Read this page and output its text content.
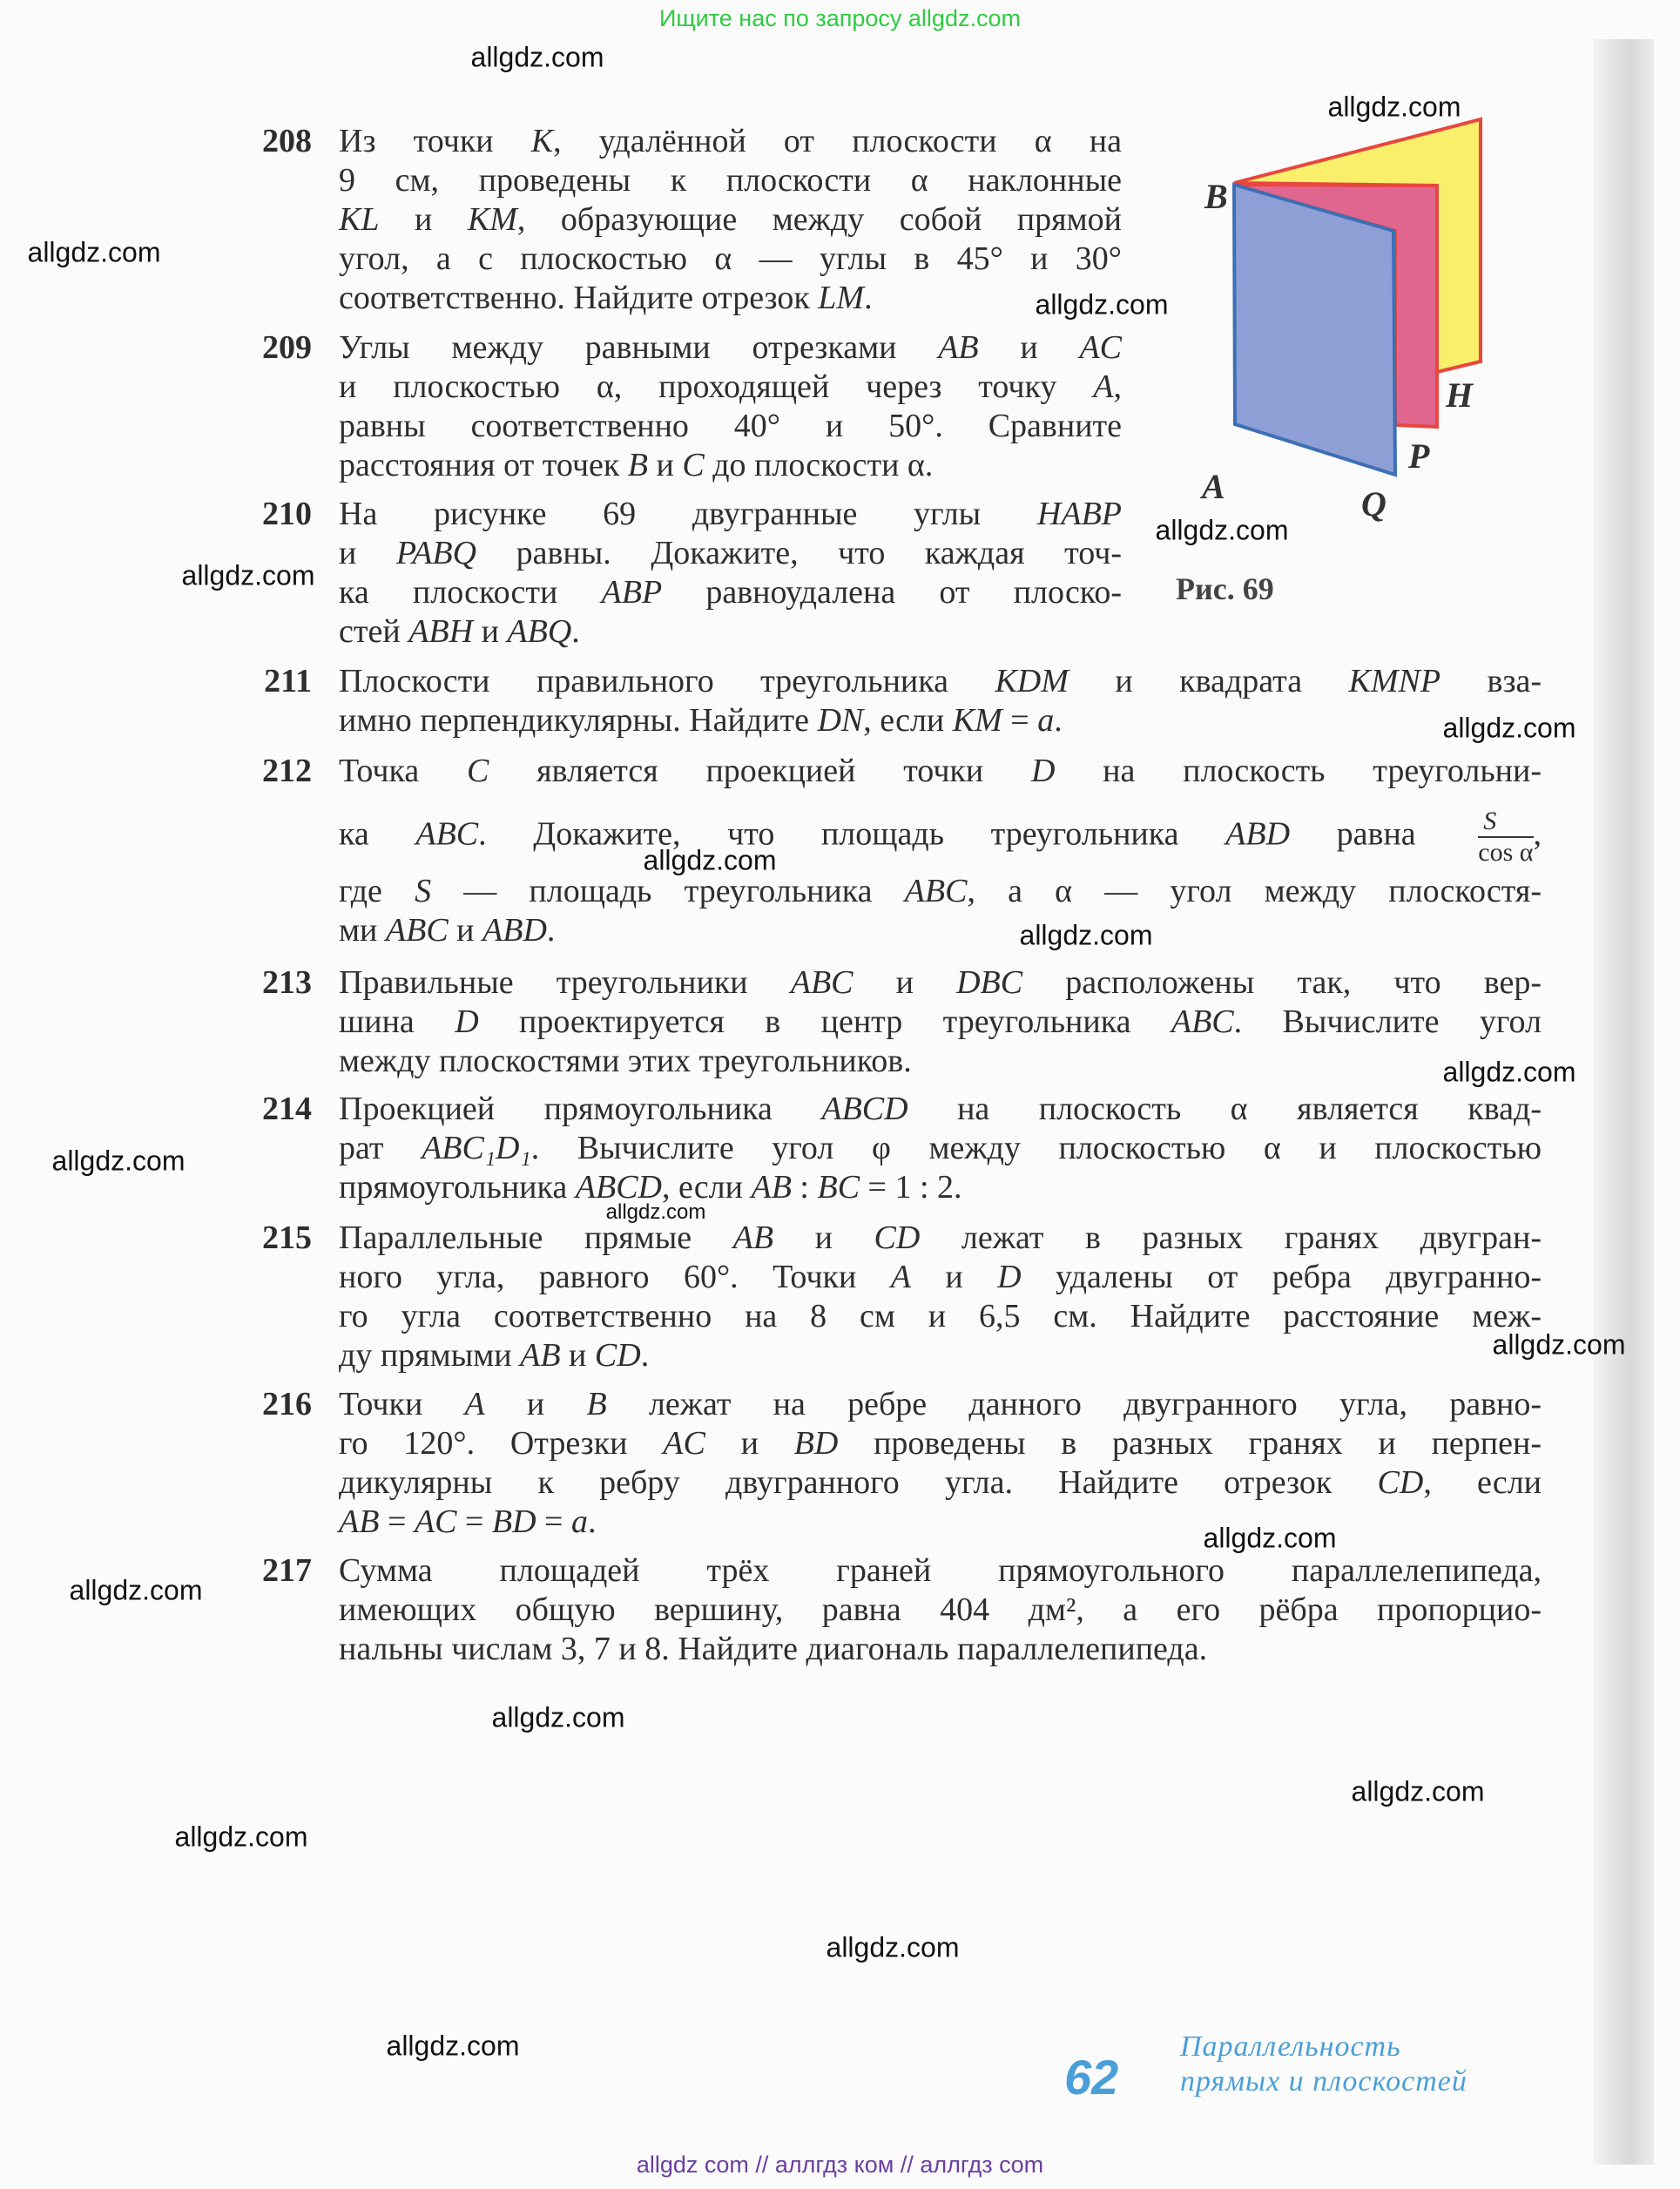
Ищите нас по запросу allgdz.com
B
A
H
P
Q
Рис. 69
208 Из точки K, удалённой от плоскости α на
9 см, проведены к плоскости α наклонные
KL и KM, образующие между собой прямой
угол, а с плоскостью α — углы в 45° и 30°
соответственно. Найдите отрезок LM.
209 Углы между равными отрезками AB и AC
и плоскостью α, проходящей через точку A,
равны соответственно 40° и 50°. Сравните
расстояния от точек B и C до плоскости α.
210 На рисунке 69 двугранные углы HABP
и PABQ равны. Докажите, что каждая точ-
ка плоскости ABP равноудалена от плоско-
стей ABH и ABQ.
211 Плоскости правильного треугольника KDM и квадрата KMNP вза-
имно перпендикулярны. Найдите DN, если KM = a.
212 Точка C является проекцией точки D на плоскость треугольни-
ка ABC. Докажите, что площадь треугольника ABD равна $\frac{S}{\text{cos α}}$ ,
где S — площадь треугольника ABC, а α — угол между плоскостя-
ми ABC и ABD.
213 Правильные треугольники ABC и DBC расположены так, что вер-
шина D проектируется в центр треугольника ABC. Вычислите угол
между плоскостями этих треугольников.
214 Проекцией прямоугольника ABCD на плоскость α является квад-
рат ABC₁D₁. Вычислите угол φ между плоскостью α и плоскостью
прямоугольника ABCD, если AB : BC = 1 : 2.
215 Параллельные прямые AB и CD лежат в разных гранях двугран-
ного угла, равного 60°. Точки A и D удалены от ребра двугранно-
го угла соответственно на 8 см и 6,5 см. Найдите расстояние меж-
ду прямыми AB и CD.
216 Точки A и B лежат на ребре данного двугранного угла, равно-
го 120°. Отрезки AC и BD проведены в разных гранях и перпен-
дикулярны к ребру двугранного угла. Найдите отрезок CD, если
AB = AC = BD = a.
217 Сумма площадей трёх граней прямоугольного параллелепипеда,
имеющих общую вершину, равна 404 дм², а его рёбра пропорцио-
нальны числам 3, 7 и 8. Найдите диагональ параллелепипеда.
allgdz.com
allgdz.com
allgdz.com
allgdz.com
allgdz.com
allgdz.com
allgdz.com
allgdz.com
allgdz.com
allgdz.com
allgdz.com
allgdz.com
allgdz.com
allgdz.com
allgdz.com
allgdz.com
allgdz.com
allgdz.com
allgdz.com
allgdz.com
62
Параллельность
прямых и плоскостей
allgdz com // аллгдз ком // аллгдз com
